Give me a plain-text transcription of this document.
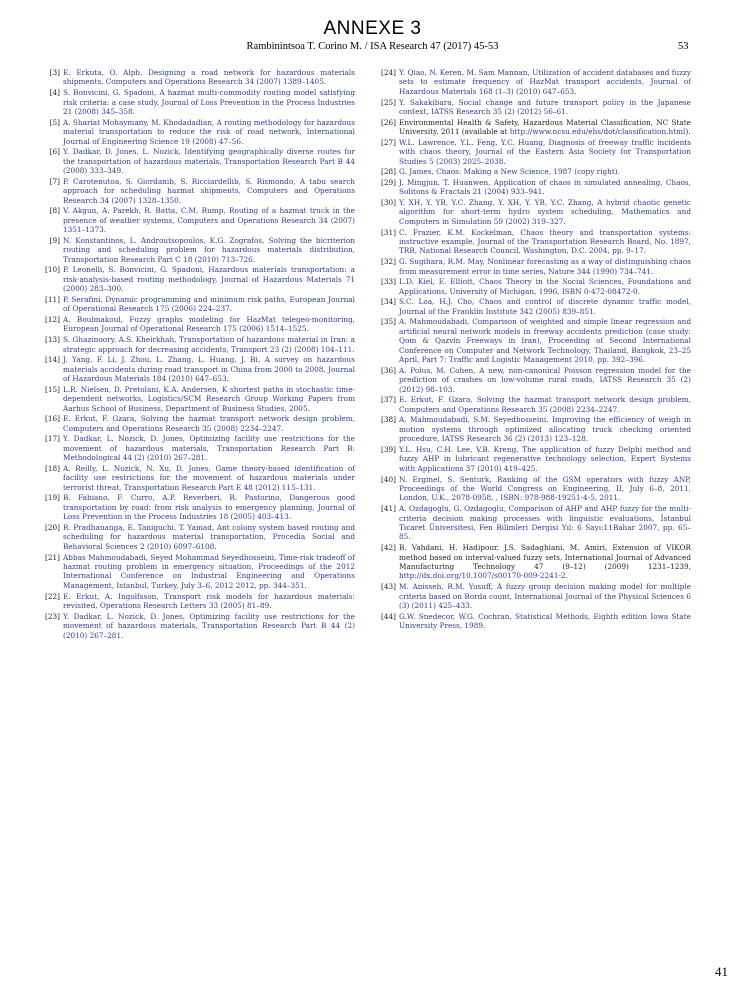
ANNEXE 3
Rambinintsoa T. Corino M. / ISA Research 47 (2017) 45-53	53
[3] E. Erkuta, O. Alpb, Designing a road network for hazardous materials shipments, Computers and Operations Research 34 (2007) 1389–1405.
[4] S. Bonvicini, G. Spadoni, A hazmat multi-commodity routing model satisfying risk criteria: a case study, Journal of Loss Prevention in the Process Industries 21 (2008) 345–358.
[5] A. Shariat Mohaymany, M. Khodadadian, A routing methodology for hazardous material transportation to reduce the risk of road network, International Journal of Engineering Science 19 (2008) 47–56.
[6] Y. Dadkar, D. Jones, L. Nozick, Identifying geographically diverse routes for the transportation of hazardous materials, Transportation Research Part B 44 (2008) 333–349.
[7] P. Carotenutoa, S. Giordanib, S. Ricciardellib, S. Rismondo, A tabu search approach for scheduling hazmat shipments, Computers and Operations Research 34 (2007) 1328–1350.
[8] V. Akgun, A. Parekh, R. Batta, C.M. Rump, Routing of a hazmat truck in the presence of weather systems, Computers and Operations Research 34 (2007) 1351–1373.
[9] N. Konstantinos, L. Androutsopoulos, K.G. Zografos, Solving the bicriterion routing and scheduling problem for hazardous materials distribution, Transportation Research Part C 18 (2010) 713–726.
[10] P. Leonelli, S. Bonvicini, G. Spadoni, Hazardous materials transportation: a risk-analysis-based routing methodology, Journal of Hazardous Materials 71 (2000) 283–300.
[11] P. Serafini, Dynamic programming and minimum risk paths, European Journal of Operational Research 175 (2006) 224–237.
[12] A. Boulmakoul, Fuzzy graphs modeling for HazMat telegeo-monitoring, European Journal of Operational Research 175 (2006) 1514–1525.
[13] S. Ghazinoory, A.S. Kheirkhah, Transportation of hazardous material in Iran: a strategic approach for decreasing accidents, Transport 23 (2) (2008) 104–111.
[14] J. Yang, F. Li, J. Zhou, L. Zhang, L. Huang, J. Bi, A survey on hazardous materials accidents during road transport in China from 2000 to 2008, Journal of Hazardous Materials 184 (2010) 647–653.
[15] L.R. Nielsen, D. Pretolani, K.A. Andersen, K shortest paths in stochastic time-dependent networks, Logistics/SCM Research Group Working Papers from Aarhus School of Business, Department of Business Studies, 2005.
[16] E. Erkut, F. Gzara, Solving the hazmat transport network design problem, Computers and Operations Research 35 (2008) 2234–2247.
[17] Y. Dadkar, L. Nozick, D. Jones, Optimizing facility use restrictions for the movement of hazardous materials, Transportation Research Part B: Methodological 44 (2) (2010) 267–281.
[18] A. Reilly, L. Nozick, N. Xu, D. Jones, Game theory-based identification of facility use restrictions for the movement of hazardous materials under terrorist threat, Transportation Research Part E 48 (2012) 115–131.
[19] B. Fabiano, F. Curro, A.P. Reverberi, R. Pastorino, Dangerous good transportation by road: from risk analysis to emergency planning, Journal of Loss Prevention in the Process Industries 18 (2005) 403–413.
[20] R. Pradhananga, E. Taniguchi, T. Yamad, Ant colony system based routing and scheduling for hazardous material transportation, Procedia Social and Behavioral Sciences 2 (2010) 6097–6108.
[21] Abbas Mahmoudabadi, Seyed Mohammad Seyedhosseini, Time-risk tradeoff of hazmat routing problem in emergency situation, Proceedings of the 2012 International Conference on Industrial Engineering and Operations Management, Istanbul, Turkey, July 3–6, 2012 2012, pp. 344–351.
[22] E. Erkut, A. Ingolfsson, Transport risk models for hazardous materials: revisited, Operations Research Letters 33 (2005) 81–89.
[23] Y. Dadkar, L. Nozick, D. Jones, Optimizing facility use restrictions for the movement of hazardous materials, Transportation Research Part B 44 (2) (2010) 267–281.
[24] Y. Qiao, N. Keren, M. Sam Mannan, Utilization of accident databases and fuzzy sets to estimate frequency of HazMat transport accidents, Journal of Hazardous Materials 168 (1–3) (2010) 647–653.
[25] Y. Sakakibara, Social change and future transport policy in the Japanese context, IATSS Research 35 (2) (2012) 56–61.
[26] Environmental Health & Safety, Hazardous Material Classification, NC State University, 2011 (available at http://www.ncsu.edu/ehs/dot/classification.html).
[27] W.L. Lawrence, Y.L. Feng, Y.C. Huang, Diagnosis of freeway traffic incidents with chaos theory, Journal of the Eastern Asia Society for Transportation Studies 5 (2003) 2025–2038.
[28] G. James, Chaos: Making a New Science, 1987 (copy right).
[29] J. Mingjun, T. Huanwen, Application of chaos in simulated annealing, Chaos, Solitons & Fractals 21 (2004) 933–941.
[30] Y. XH, Y. YB, Y.C. Zhang, Y. XH, Y. YB, Y.C. Zhang, A hybrid chaotic genetic algorithm for short-term hydro system scheduling, Mathematics and Computers in Simulation 59 (2002) 319–327.
[31] C. Frazier, K.M. Kockelman, Chaos theory and transportation systems: instructive example, Journal of the Transportation Research Board, No. 1897, TRB, National Research Council, Washington, D.C. 2004, pp. 9–17.
[32] G. Sugihara, R.M. May, Nonlinear forecasting as a way of distinguishing chaos from measurement error in time series, Nature 344 (1990) 734–741.
[33] L.D. Kiel, E. Elliott, Chaos Theory in the Social Sciences, Foundations and Applications, University of Michigan, 1996, ISBN 0-472-08472-0.
[34] S.C. Loa, H.J. Cho, Chaos and control of discrete dynamic traffic model, Journal of the Franklin Institute 342 (2005) 839–851.
[35] A. Mahmoudabadi, Comparison of weighted and simple linear regression and artificial neural network models in freeway accidents prediction (case study: Qom & Qazvin Freeways in Iran), Proceeding of Second International Conference on Computer and Network Technology, Thailand, Bangkok, 23–25 April, Part 7: Traffic and Logistic Management 2010, pp. 392–396.
[36] A. Polus, M. Cohen, A new, non-canonical Poisson regression model for the prediction of crashes on low-volume rural roads, IATSS Research 35 (2) (2012) 98–103.
[37] E. Erkut, F. Gzara, Solving the hazmat transport network design problem, Computers and Operations Research 35 (2008) 2234–2247.
[38] A. Mahmoudabadi, S.M. Seyedhosseini, Improving the efficiency of weigh in motion systems through optimized allocating truck checking oriented procedure, IATSS Research 36 (2) (2013) 123–128.
[39] Y.L. Hsu, C.H. Lee, V.B. Kreng, The application of fuzzy Delphi method and fuzzy AHP in lubricant regenerative technology selection, Expert Systems with Applications 37 (2010) 419–425.
[40] N. Erginel, S. Senturk, Ranking of the GSM operators with fuzzy ANP, Proceedings of the World Congress on Engineering, II, July 6–8, 2011, London, U.K., 2078-0958, , ISBN: 978-988-19251-4-5, 2011.
[41] A. Ozdagoglu, G. Ozdagoglu, Comparison of AHP and AHP fuzzy for the multi-criteria decision making processes with linguistic evaluations, İstanbul Ticaret Üniversitesi, Fen Bilimleri Dergisi Yıl: 6 Sayı:11Bahar 2007, pp. 65–85.
[42] B. Vahdani, H. Hadipour, J.S. Sadaghiani, M. Amiri, Extension of VIKOR method based on interval-valued fuzzy sets, International Journal of Advanced Manufacturing Technology 47 (9–12) (2009) 1231–1239, http://dx.doi.org/10.1007/s00170-009-2241-2.
[43] M. Anisseh, R.M. Yusuff, A fuzzy group decision making model for multiple criteria based on Borda count, International Journal of the Physical Sciences 6 (3) (2011) 425–433.
[44] G.W. Snedecor, W.G. Cochran, Statistical Methods, Eighth edition Iowa State University Press, 1989.
41
